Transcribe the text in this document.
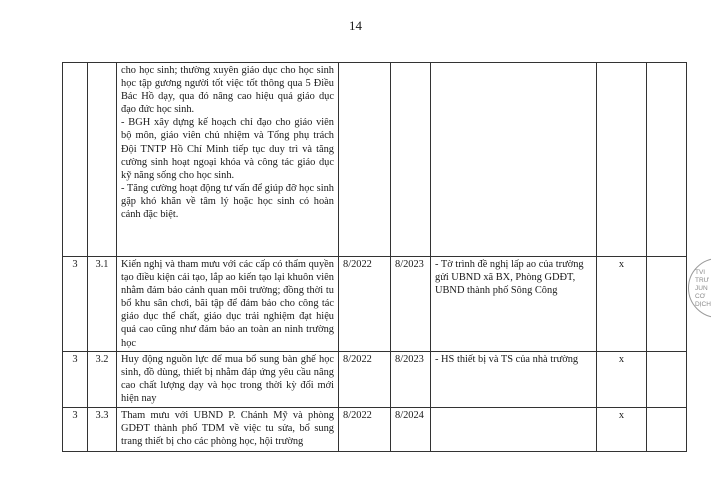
14

		cho học sinh; thường xuyên giáo dục cho học sinh học tập gương người tốt việc tốt thông qua 5 Điều Bác Hồ dạy, qua đó nâng cao hiệu quả giáo dục đạo đức học sinh.
- BGH xây dựng kế hoạch chỉ đạo cho giáo viên bộ môn, giáo viên chủ nhiệm và Tổng phụ trách Đội TNTP Hồ Chí Minh tiếp tục duy trì và tăng cường sinh hoạt ngoại khóa và công tác giáo dục kỹ năng sống cho học sinh.
- Tăng cường hoạt động tư vấn để giúp đỡ học sinh gặp khó khăn về tâm lý hoặc học sinh có hoàn cảnh đặc biệt.					

3	3.1	Kiến nghị và tham mưu với các cấp có thẩm quyền tạo điều kiện cải tạo, lắp ao kiến tạo lại khuôn viên nhằm đảm bảo cảnh quan môi trường; đồng thời tu bổ khu sân chơi, bãi tập để đảm bảo cho công tác giáo dục thể chất, giáo dục trải nghiệm đạt hiệu quả cao cũng như đảm bảo an toàn an ninh trường học	8/2022	8/2023	- Tờ trình đề nghị lấp ao của trường gửi UBND xã BX, Phòng GDĐT, UBND thành phố Sông Công	x	
3	3.2	Huy động nguồn lực để mua bổ sung bàn ghế học sinh, đồ dùng, thiết bị nhằm đáp ứng yêu cầu nâng cao chất lượng dạy và học trong thời kỳ đổi mới hiện nay	8/2022	8/2023	- HS thiết bị và TS của nhà trường	x	
3	3.3	Tham mưu với UBND P. Chánh Mỹ và phòng GDĐT thành phố TDM về việc tu sửa, bổ sung trang thiết bị cho các phòng học, hội trường	8/2022	8/2024		x	
TVI
TRƯ
JUN
CƠ
DỊCH
